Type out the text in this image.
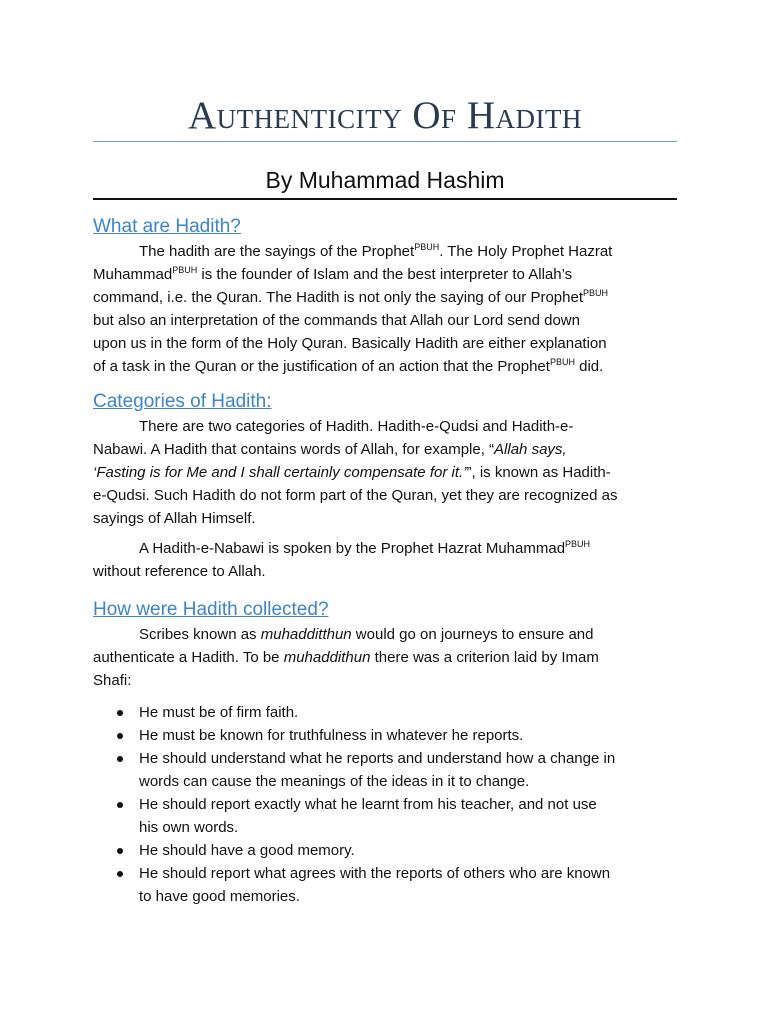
Authenticity Of Hadith
By Muhammad Hashim
What are Hadith?
The hadith are the sayings of the Prophet$^{PBUH}$. The Holy Prophet Hazrat
Muhammad$^{PBUH}$ is the founder of Islam and the best interpreter to Allah’s
command, i.e. the Quran. The Hadith is not only the saying of our Prophet$^{PBUH}$
but also an interpretation of the commands that Allah our Lord send down
upon us in the form of the Holy Quran. Basically Hadith are either explanation
of a task in the Quran or the justification of an action that the Prophet$^{PBUH}$ did.
Categories of Hadith:
There are two categories of Hadith. Hadith-e-Qudsi and Hadith-e-
Nabawi. A Hadith that contains words of Allah, for example, “Allah says,
‘Fasting is for Me and I shall certainly compensate for it.’”, is known as Hadith-
e-Qudsi. Such Hadith do not form part of the Quran, yet they are recognized as
sayings of Allah Himself.
A Hadith-e-Nabawi is spoken by the Prophet Hazrat Muhammad$^{PBUH}$
without reference to Allah.
How were Hadith collected?
Scribes known as muhadditthun would go on journeys to ensure and
authenticate a Hadith. To be muhaddithun there was a criterion laid by Imam
Shafi:
He must be of firm faith.
He must be known for truthfulness in whatever he reports.
He should understand what he reports and understand how a change in
words can cause the meanings of the ideas in it to change.
He should report exactly what he learnt from his teacher, and not use
his own words.
He should have a good memory.
He should report what agrees with the reports of others who are known
to have good memories.
